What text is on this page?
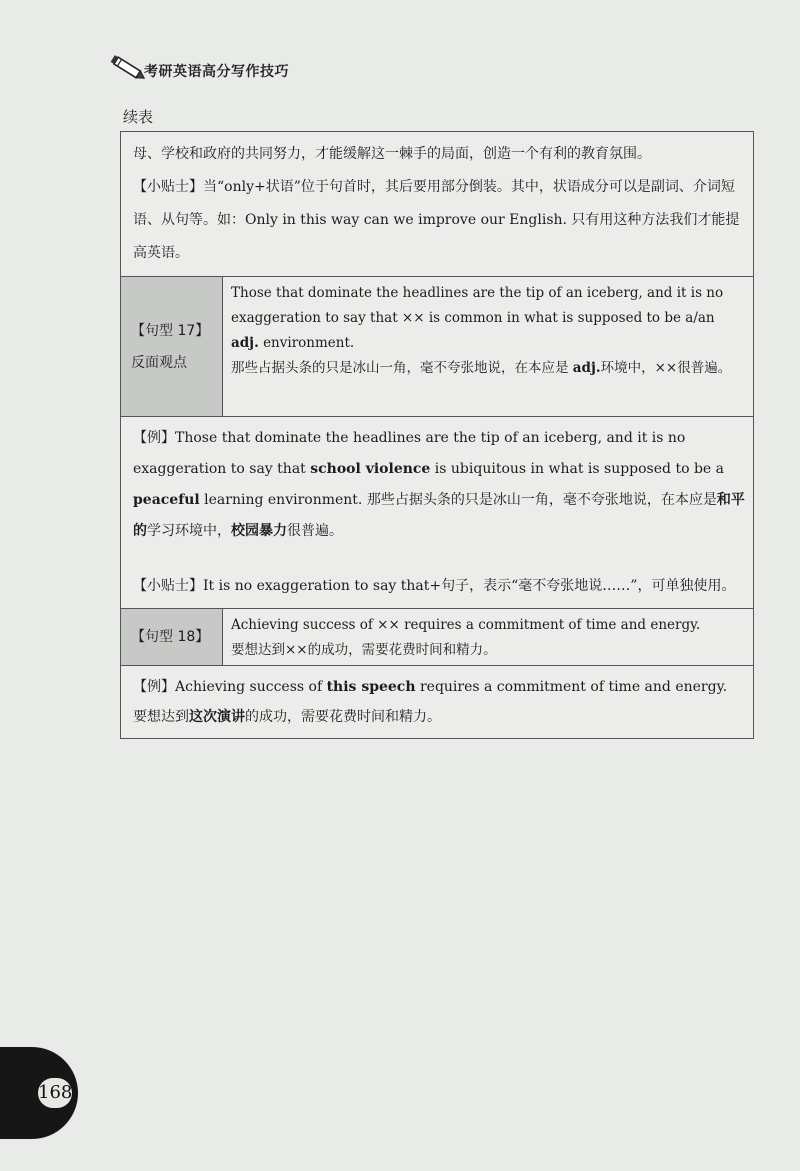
考研英语高分写作技巧
续表
母、学校和政府的共同努力，才能缓解这一棘手的局面，创造一个有利的教育氛围。
【小贴士】当“only+状语”位于句首时，其后要用部分倒装。其中，状语成分可以是副词、介词短语、从句等。如：Only in this way can we improve our English. 只有用这种方法我们才能提高英语。
【句型 17】
反面观点
Those that dominate the headlines are the tip of an iceberg, and it is no exaggeration to say that ×× is common in what is supposed to be a/an adj. environment.
那些占据头条的只是冰山一角，毫不夸张地说，在本应是 adj.环境中，××很普遍。
【例】Those that dominate the headlines are the tip of an iceberg, and it is no exaggeration to say that school violence is ubiquitous in what is supposed to be a peaceful learning environment. 那些占据头条的只是冰山一角，毫不夸张地说，在本应是和平的学习环境中，校园暴力很普遍。
【小贴士】It is no exaggeration to say that+句子，表示“毫不夸张地说……”，可单独使用。
【句型 18】
Achieving success of ×× requires a commitment of time and energy.
要想达到××的成功，需要花费时间和精力。
【例】Achieving success of this speech requires a commitment of time and energy. 要想达到这次演讲的成功，需要花费时间和精力。
168
